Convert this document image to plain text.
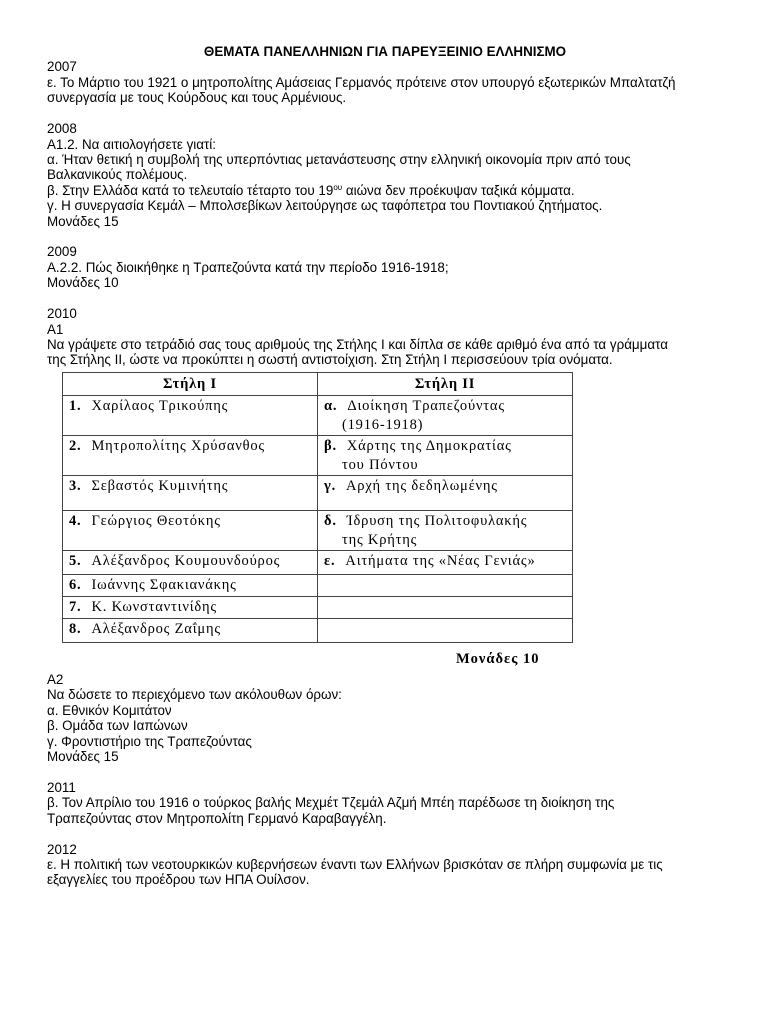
ΘΕΜΑΤΑ ΠΑΝΕΛΛΗΝΙΩΝ ΓΙΑ ΠΑΡΕΥΞΕΙΝΙΟ ΕΛΛΗΝΙΣΜΟ
2007
ε. Το Μάρτιο του 1921 ο μητροπολίτης Αμάσειας Γερμανός πρότεινε στον υπουργό εξωτερικών Μπαλτατζή
συνεργασία με τους Κούρδους και τους Αρμένιους.
2008
Α1.2. Να αιτιολογήσετε γιατί:
α. Ήταν θετική η συμβολή της υπερπόντιας μετανάστευσης στην ελληνική οικονομία πριν από τους
Βαλκανικούς πολέμους.
β. Στην Ελλάδα κατά το τελευταίο τέταρτο του $19^{o\upsilon}$ αιώνα δεν προέκυψαν ταξικά κόμματα.
γ. Η συνεργασία Κεμάλ – Μπολσεβίκων λειτούργησε ως ταφόπετρα του Ποντιακού ζητήματος.
Μονάδες 15
2009
Α.2.2. Πώς διοικήθηκε η Τραπεζούντα κατά την περίοδο 1916-1918;
Μονάδες 10
2010
Α1
Να γράψετε στο τετράδιό σας τους αριθμούς της Στήλης Ι και δίπλα σε κάθε αριθμό ένα από τα γράμματα
της Στήλης ΙΙ, ώστε να προκύπτει η σωστή αντιστοίχιση. Στη Στήλη Ι περισσεύουν τρία ονόματα.
Στήλη Ι	Στήλη ΙΙ
1. Χαρίλαος Τρικούπης	α. Διοίκηση Τραπεζούντας
(1916-1918)
2. Μητροπολίτης Χρύσανθος	β. Χάρτης της Δημοκρατίας
του Πόντου
3. Σεβαστός Κυμινήτης	γ. Αρχή της δεδηλωμένης
4. Γεώργιος Θεοτόκης	δ. Ίδρυση της Πολιτοφυλακής
της Κρήτης
5. Αλέξανδρος Κουμουνδούρος	ε. Αιτήματα της «Νέας Γενιάς»
6. Ιωάννης Σφακιανάκης	
7. Κ. Κωνσταντινίδης	
8. Αλέξανδρος Ζαΐμης	
Μονάδες 10
Α2
Να δώσετε το περιεχόμενο των ακόλουθων όρων:
α. Εθνικόν Κομιτάτον
β. Ομάδα των Ιαπώνων
γ. Φροντιστήριο της Τραπεζούντας
Μονάδες 15
2011
β. Τον Απρίλιο του 1916 ο τούρκος βαλής Μεχμέτ Τζεμάλ Αζμή Μπέη παρέδωσε τη διοίκηση της
Τραπεζούντας στον Μητροπολίτη Γερμανό Καραβαγγέλη.
2012
ε. Η πολιτική των νεοτουρκικών κυβερνήσεων έναντι των Ελλήνων βρισκόταν σε πλήρη συμφωνία με τις
εξαγγελίες του προέδρου των ΗΠΑ Ουίλσον.
